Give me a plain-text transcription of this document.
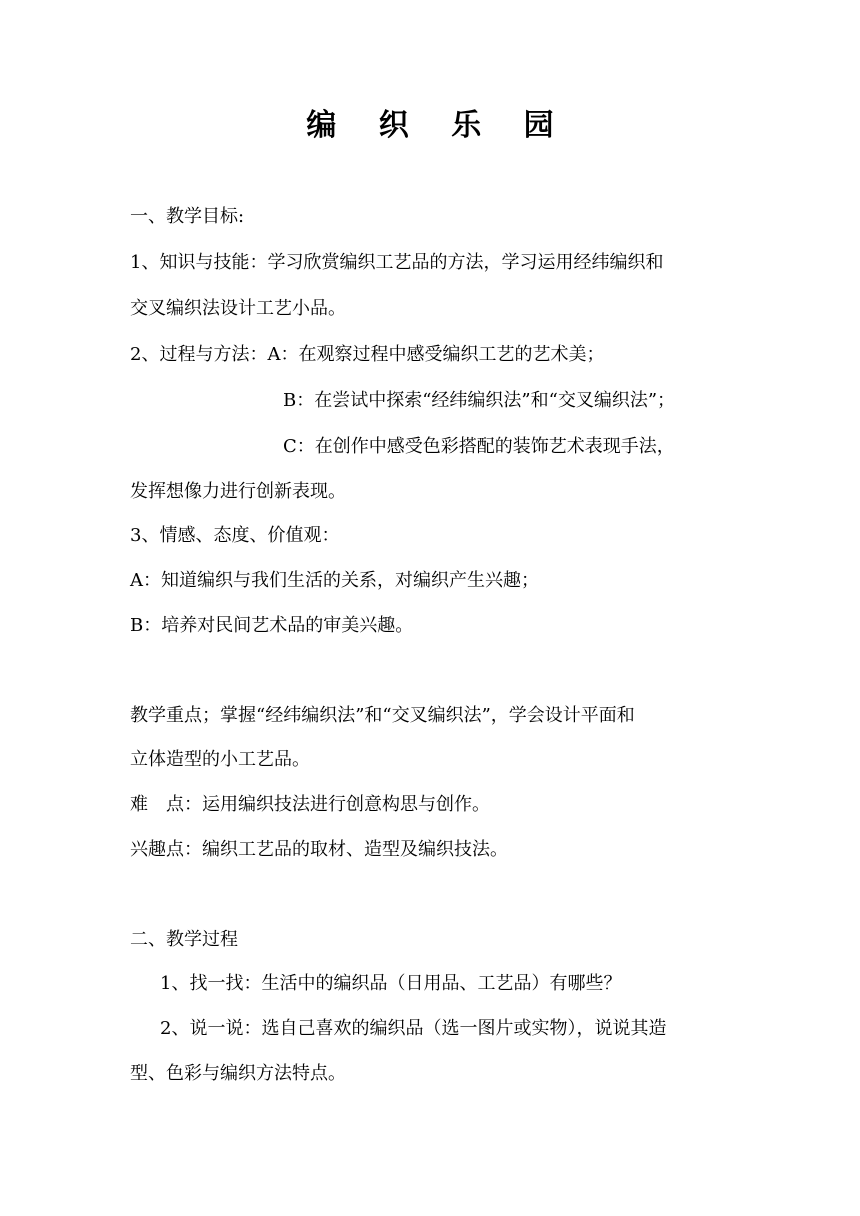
编 织 乐 园
一、教学目标:
1、知识与技能：学习欣赏编织工艺品的方法，学习运用经纬编织和
交叉编织法设计工艺小品。
2、过程与方法：A：在观察过程中感受编织工艺的艺术美；
B：在尝试中探索“经纬编织法”和“交叉编织法”；
C：在创作中感受色彩搭配的装饰艺术表现手法，
发挥想像力进行创新表现。
3、情感、态度、价值观：
A：知道编织与我们生活的关系，对编织产生兴趣；
B：培养对民间艺术品的审美兴趣。
教学重点；掌握“经纬编织法”和“交叉编织法”，学会设计平面和
立体造型的小工艺品。
难　点：运用编织技法进行创意构思与创作。
兴趣点：编织工艺品的取材、造型及编织技法。
二、教学过程
1、找一找：生活中的编织品（日用品、工艺品）有哪些？
2、说一说：选自己喜欢的编织品（选一图片或实物），说说其造
型、色彩与编织方法特点。
